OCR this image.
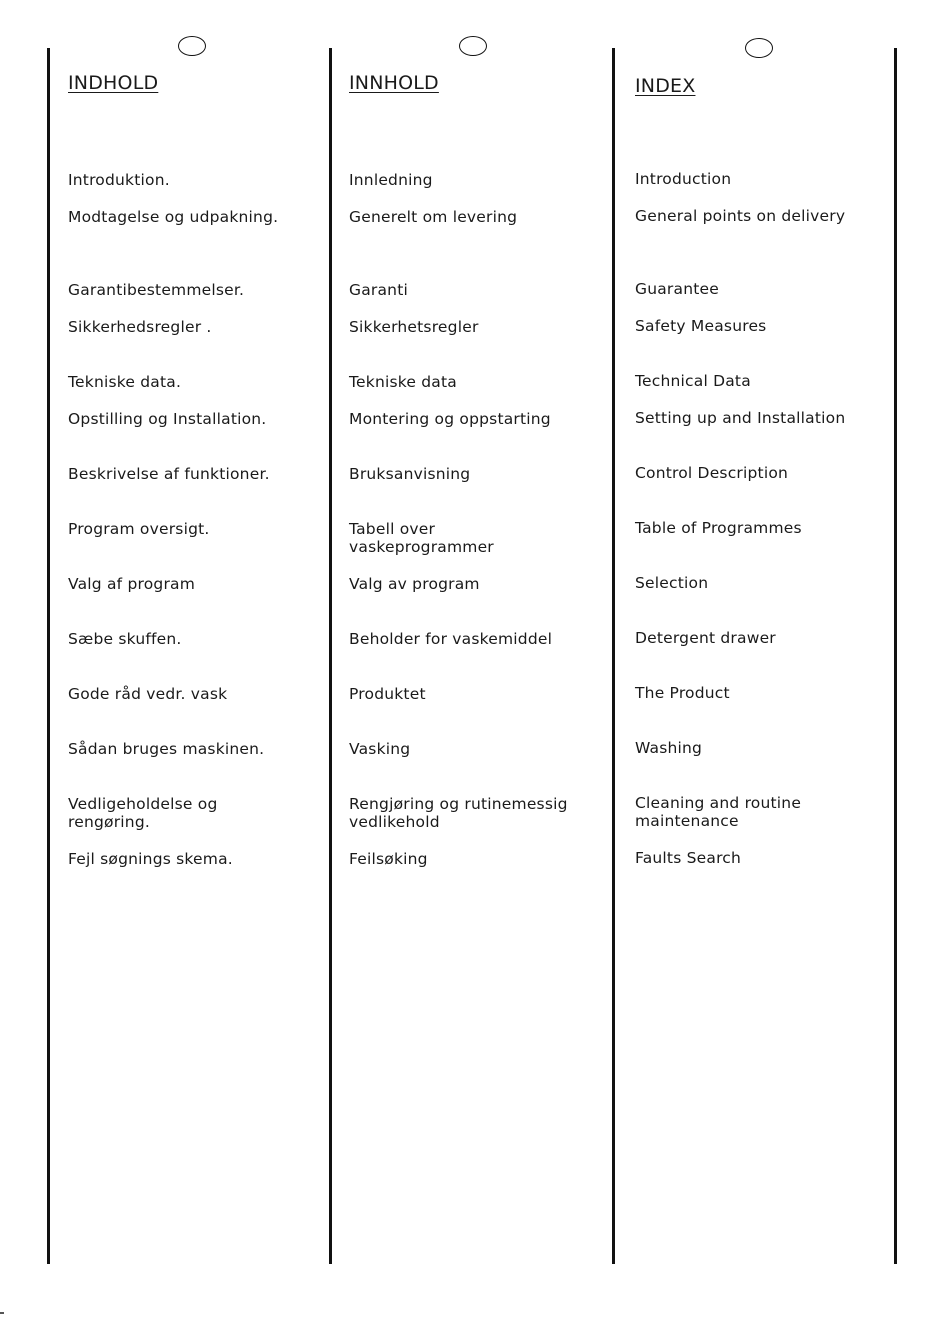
INDHOLD	INNHOLD	INDEX
Introduktion.
Modtagelse og udpakning.
Garantibestemmelser.
Sikkerhedsregler .
Tekniske data.
Opstilling og Installation.
Beskrivelse af funktioner.
Program oversigt.
Valg af program
Sæbe skuffen.
Gode råd vedr. vask
Sådan bruges maskinen.
Vedligeholdelse og
rengøring.
Fejl søgnings skema.
Innledning
Generelt om levering
Garanti
Sikkerhetsregler
Tekniske data
Montering og oppstarting
Bruksanvisning
Tabell over
vaskeprogrammer
Valg av program
Beholder for vaskemiddel
Produktet
Vasking
Rengjøring og rutinemessig
vedlikehold
Feilsøking
Introduction
General points on delivery
Guarantee
Safety Measures
Technical Data
Setting up and Installation
Control Description
Table of Programmes
Selection
Detergent drawer
The Product
Washing
Cleaning and routine
maintenance
Faults Search
